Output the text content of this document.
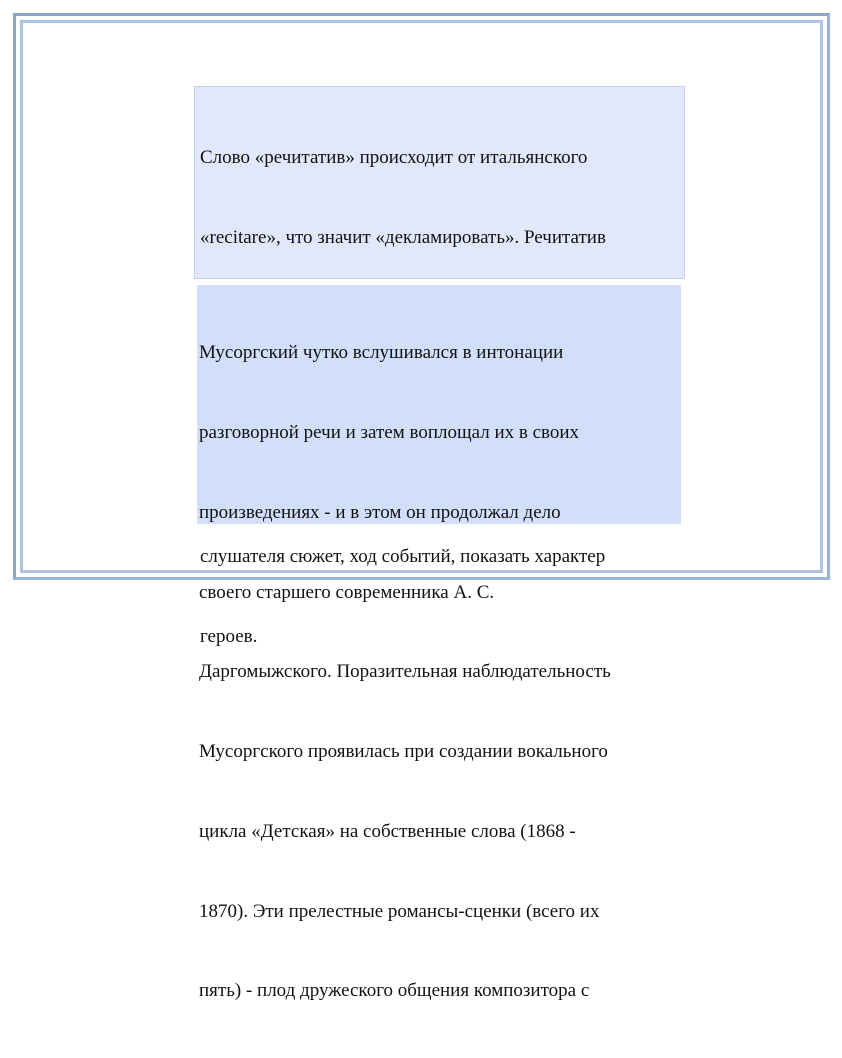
Слово «речитатив» происходит от итальянского

«recitare», что значит «декламировать». Речитатив

слушателя сюжет, ход событий, показать характер

героев.

Мусоргский чутко вслушивался в интонации

разговорной речи и затем воплощал их в своих

произведениях - и в этом он продолжал дело

своего старшего современника А. С.

Даргомыжского. Поразительная наблюдательность

Мусоргского проявилась при создании вокального

цикла «Детская» на собственные слова (1868 -

1870). Эти прелестные романсы-сценки (всего их

пять) - плод дружеского общения композитора с
